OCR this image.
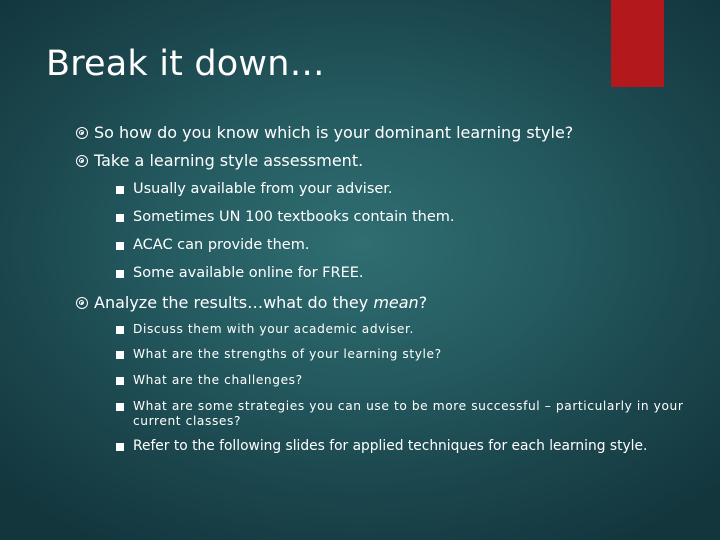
Break it down…
So how do you know which is your dominant learning style?
Take a learning style assessment.
Usually available from your adviser.
Sometimes UN 100 textbooks contain them.
ACAC can provide them.
Some available online for FREE.
Analyze the results…what do they mean?
Discuss them with your academic adviser.
What are the strengths of your learning style?
What are the challenges?
What are some strategies you can use to be more successful – particularly in your
current classes?
Refer to the following slides for applied techniques for each learning style.
